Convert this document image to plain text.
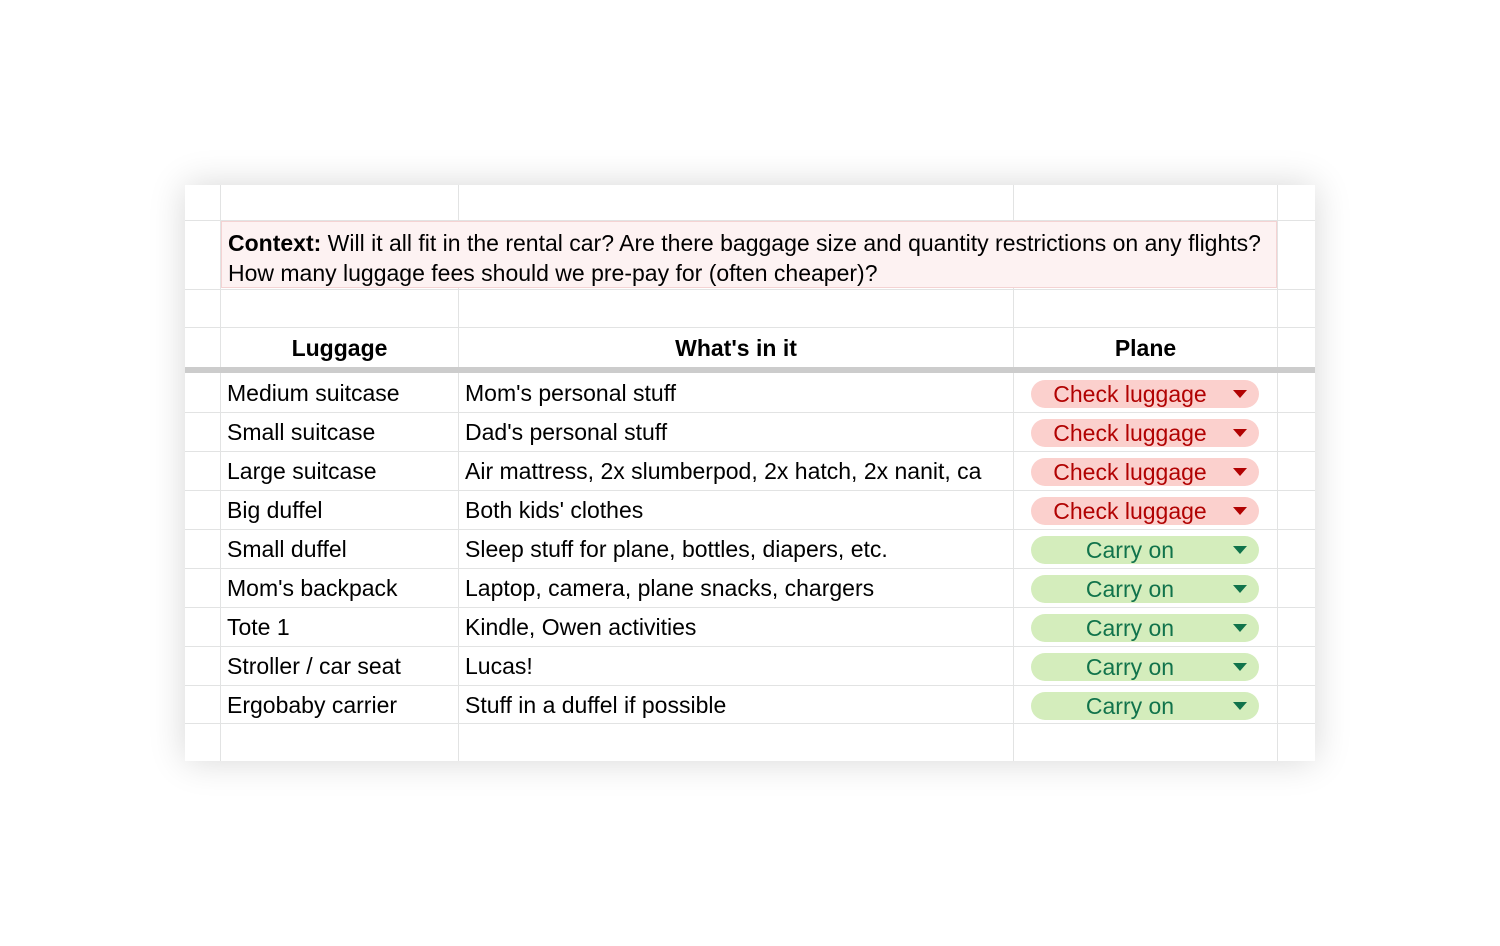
Context: Will it all fit in the rental car? Are there baggage size and quantity restrictions on any flights? How many luggage fees should we pre-pay for (often cheaper)?
Luggage	What's in it	Plane
Medium suitcase	Mom's personal stuff	Check luggage
Small suitcase	Dad's personal stuff	Check luggage
Large suitcase	Air mattress, 2x slumberpod, 2x hatch, 2x nanit, ca	Check luggage
Big duffel	Both kids' clothes	Check luggage
Small duffel	Sleep stuff for plane, bottles, diapers, etc.	Carry on
Mom's backpack	Laptop, camera, plane snacks, chargers	Carry on
Tote 1	Kindle, Owen activities	Carry on
Stroller / car seat	Lucas!	Carry on
Ergobaby carrier	Stuff in a duffel if possible	Carry on
